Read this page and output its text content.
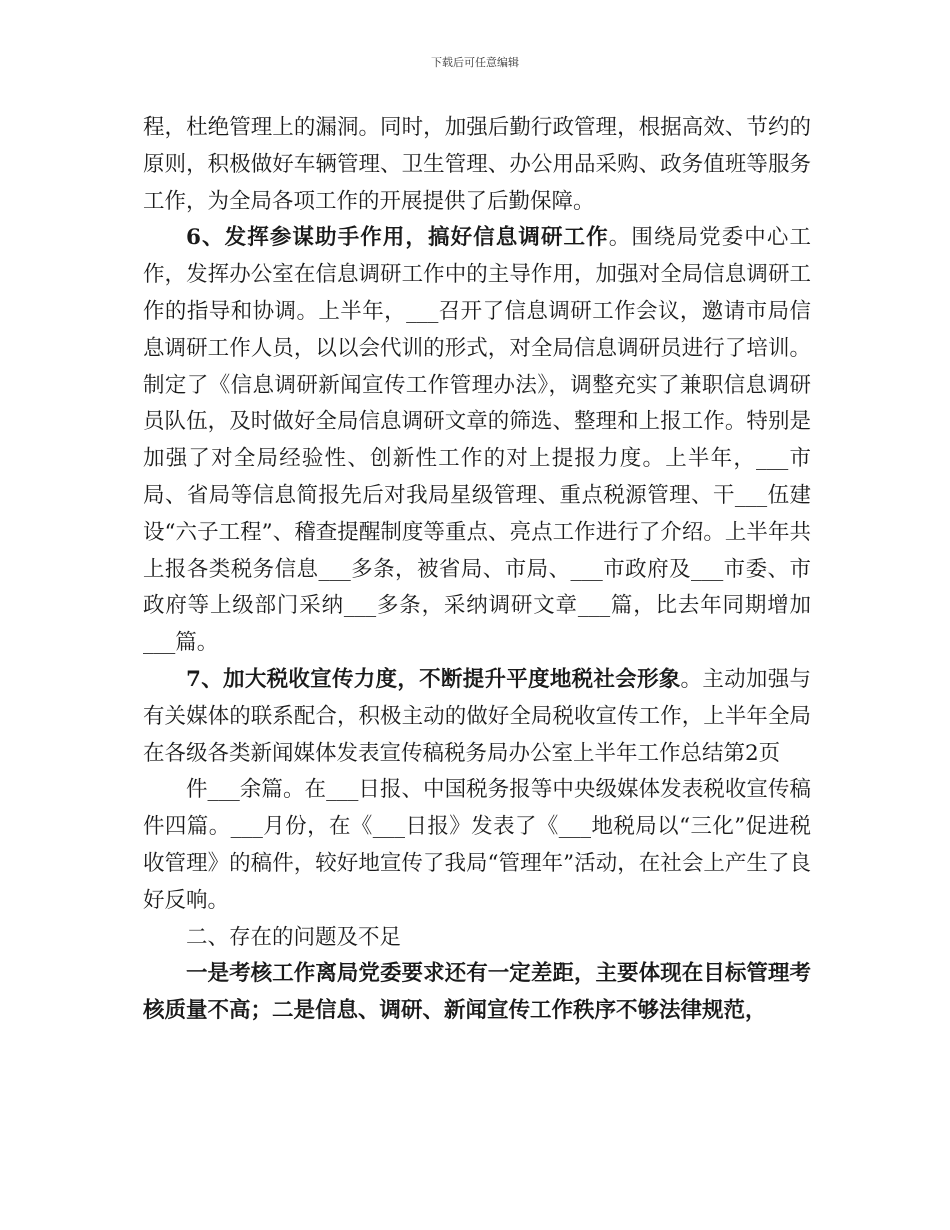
下载后可任意编辑

程，杜绝管理上的漏洞。同时，加强后勤行政管理，根据高效、节约的原则，积极做好车辆管理、卫生管理、办公用品采购、政务值班等服务工作，为全局各项工作的开展提供了后勤保障。

6、发挥参谋助手作用，搞好信息调研工作。围绕局党委中心工作，发挥办公室在信息调研工作中的主导作用，加强对全局信息调研工作的指导和协调。上半年，___召开了信息调研工作会议，邀请市局信息调研工作人员，以以会代训的形式，对全局信息调研员进行了培训。制定了《信息调研新闻宣传工作管理办法》，调整充实了兼职信息调研员队伍，及时做好全局信息调研文章的筛选、整理和上报工作。特别是加强了对全局经验性、创新性工作的对上提报力度。上半年，___市局、省局等信息简报先后对我局星级管理、重点税源管理、干___伍建设“六子工程”、稽查提醒制度等重点、亮点工作进行了介绍。上半年共上报各类税务信息___多条，被省局、市局、___市政府及___市委、市政府等上级部门采纳___多条，采纳调研文章___篇，比去年同期增加___篇。

7、加大税收宣传力度，不断提升平度地税社会形象。主动加强与有关媒体的联系配合，积极主动的做好全局税收宣传工作，上半年全局在各级各类新闻媒体发表宣传稿税务局办公室上半年工作总结第2页

件___余篇。在___日报、中国税务报等中央级媒体发表税收宣传稿件四篇。___月份，在《___日报》发表了《___地税局以“三化”促进税收管理》的稿件，较好地宣传了我局“管理年”活动，在社会上产生了良好反响。

二、存在的问题及不足

一是考核工作离局党委要求还有一定差距，主要体现在目标管理考核质量不高；二是信息、调研、新闻宣传工作秩序不够法律规范，
